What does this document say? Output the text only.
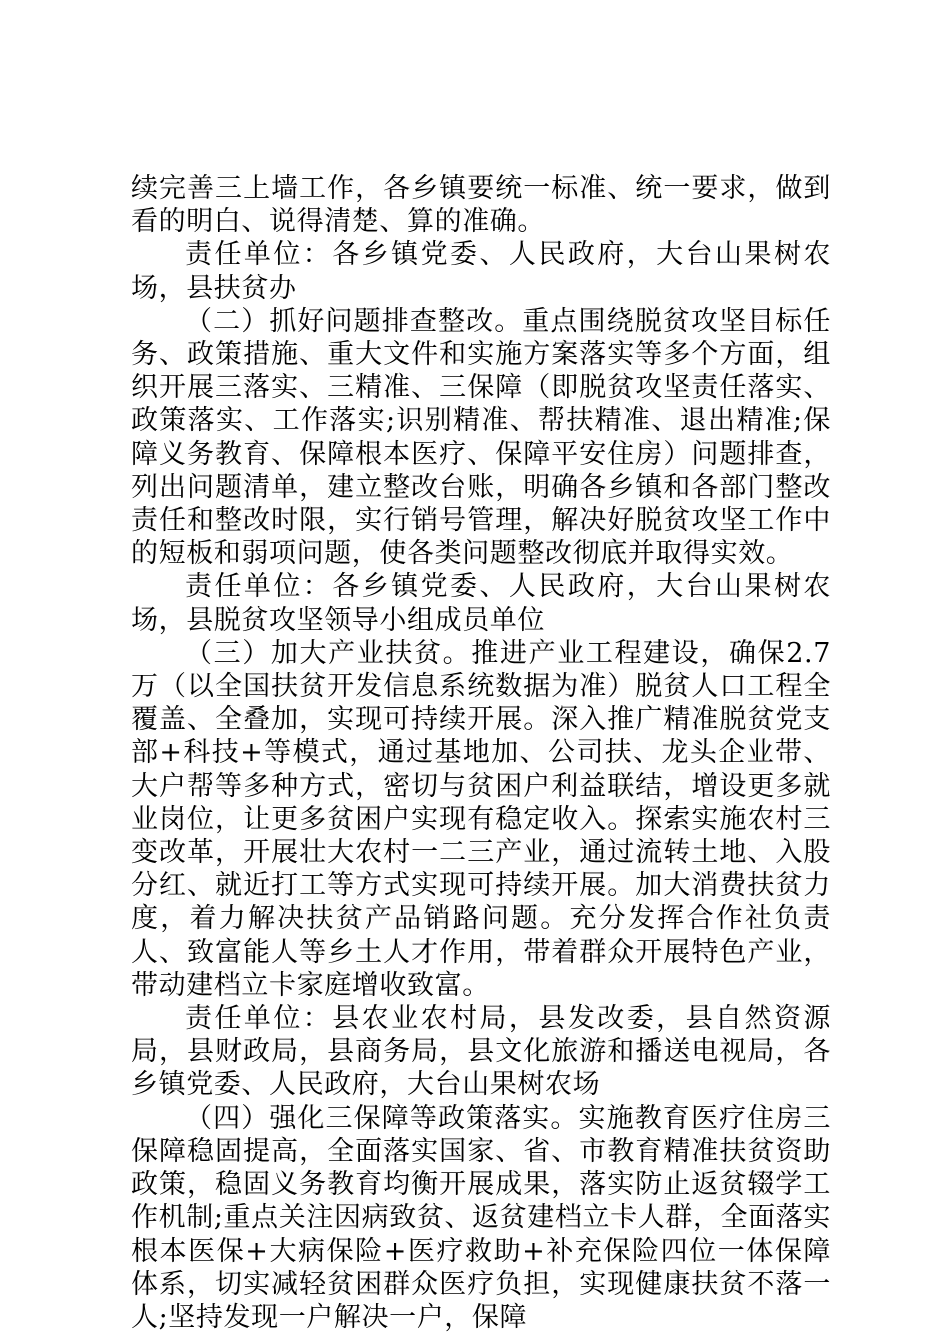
续完善三上墙工作，各乡镇要统一标准、统一要求，做到看的明白、说得清楚、算的准确。

责任单位：各乡镇党委、人民政府，大台山果树农场，县扶贫办

（二）抓好问题排查整改。重点围绕脱贫攻坚目标任务、政策措施、重大文件和实施方案落实等多个方面，组织开展三落实、三精准、三保障（即脱贫攻坚责任落实、政策落实、工作落实;识别精准、帮扶精准、退出精准;保障义务教育、保障根本医疗、保障平安住房）问题排查，列出问题清单，建立整改台账，明确各乡镇和各部门整改责任和整改时限，实行销号管理，解决好脱贫攻坚工作中的短板和弱项问题，使各类问题整改彻底并取得实效。

责任单位：各乡镇党委、人民政府，大台山果树农场，县脱贫攻坚领导小组成员单位

（三）加大产业扶贫。推进产业工程建设，确保2.7万（以全国扶贫开发信息系统数据为准）脱贫人口工程全覆盖、全叠加，实现可持续开展。深入推广精准脱贫党支部+科技+等模式，通过基地加、公司扶、龙头企业带、大户帮等多种方式，密切与贫困户利益联结，增设更多就业岗位，让更多贫困户实现有稳定收入。探索实施农村三变改革，开展壮大农村一二三产业，通过流转土地、入股分红、就近打工等方式实现可持续开展。加大消费扶贫力度，着力解决扶贫产品销路问题。充分发挥合作社负责人、致富能人等乡土人才作用，带着群众开展特色产业，带动建档立卡家庭增收致富。

责任单位：县农业农村局，县发改委，县自然资源局，县财政局，县商务局，县文化旅游和播送电视局，各乡镇党委、人民政府，大台山果树农场

（四）强化三保障等政策落实。实施教育医疗住房三保障稳固提高，全面落实国家、省、市教育精准扶贫资助政策，稳固义务教育均衡开展成果，落实防止返贫辍学工作机制;重点关注因病致贫、返贫建档立卡人群，全面落实根本医保+大病保险+医疗救助+补充保险四位一体保障体系，切实减轻贫困群众医疗负担，实现健康扶贫不落一人;坚持发现一户解决一户，保障
